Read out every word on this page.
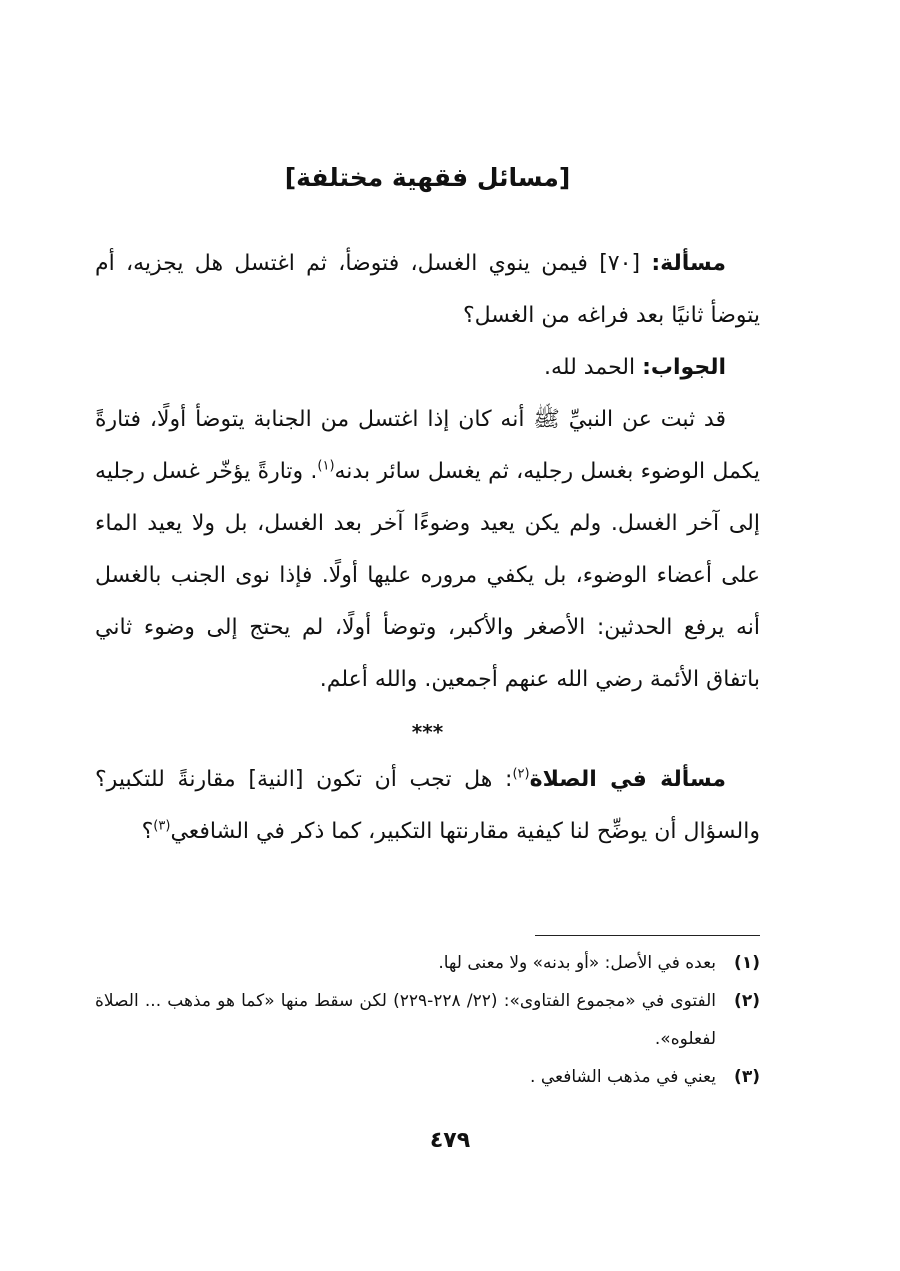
[مسائل فقهية مختلفة]

مسألة: [٧٠] فيمن ينوي الغسل، فتوضأ، ثم اغتسل هل يجزيه، أم يتوضأ ثانيًا بعد فراغه من الغسل؟

الجواب: الحمد لله.

قد ثبت عن النبيِّ ﷺ أنه كان إذا اغتسل من الجنابة يتوضأ أولًا، فتارةً يكمل الوضوء بغسل رجليه، ثم يغسل سائر بدنه$^{(١)}$. وتارةً يؤخّر غسل رجليه إلى آخر الغسل. ولم يكن يعيد وضوءًا آخر بعد الغسل، بل ولا يعيد الماء على أعضاء الوضوء، بل يكفي مروره عليها أولًا. فإذا نوى الجنب بالغسل أنه يرفع الحدثين: الأصغر والأكبر، وتوضأ أولًا، لم يحتج إلى وضوء ثاني باتفاق الأئمة رضي الله عنهم أجمعين. والله أعلم.

***

مسألة في الصلاة$^{(٢)}$: هل تجب أن تكون [النية] مقارنةً للتكبير؟ والسؤال أن يوضِّح لنا كيفية مقارنتها التكبير، كما ذكر في الشافعي$^{(٣)}$؟

(١)
بعده في الأصل: «أو بدنه» ولا معنى لها.
(٢)
الفتوى في «مجموع الفتاوى»: (٢٢/ ٢٢٨-٢٢٩) لكن سقط منها «كما هو مذهب ... الصلاة لفعلوه».
(٣)
يعني في مذهب الشافعي .
٤٧٩
